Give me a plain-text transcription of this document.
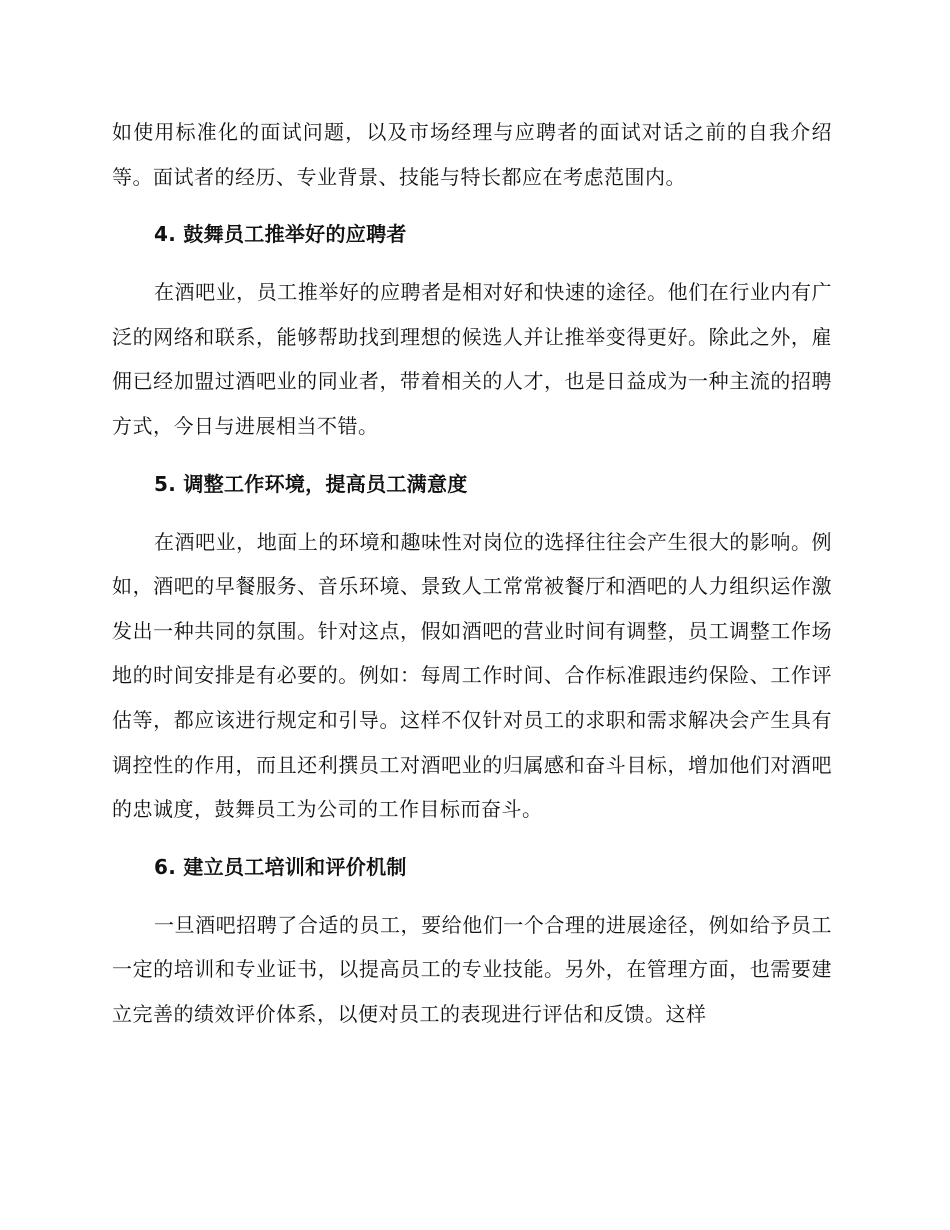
如使用标准化的面试问题，以及市场经理与应聘者的面试对话之前的自我介绍等。面试者的经历、专业背景、技能与特长都应在考虑范围内。

4. 鼓舞员工推举好的应聘者

在酒吧业，员工推举好的应聘者是相对好和快速的途径。他们在行业内有广泛的网络和联系，能够帮助找到理想的候选人并让推举变得更好。除此之外，雇佣已经加盟过酒吧业的同业者，带着相关的人才，也是日益成为一种主流的招聘方式，今日与进展相当不错。

5. 调整工作环境，提高员工满意度

在酒吧业，地面上的环境和趣味性对岗位的选择往往会产生很大的影响。例如，酒吧的早餐服务、音乐环境、景致人工常常被餐厅和酒吧的人力组织运作激发出一种共同的氛围。针对这点，假如酒吧的营业时间有调整，员工调整工作场地的时间安排是有必要的。例如：每周工作时间、合作标准跟违约保险、工作评估等，都应该进行规定和引导。这样不仅针对员工的求职和需求解决会产生具有调控性的作用，而且还利撰员工对酒吧业的归属感和奋斗目标，增加他们对酒吧的忠诚度，鼓舞员工为公司的工作目标而奋斗。

6. 建立员工培训和评价机制

一旦酒吧招聘了合适的员工，要给他们一个合理的进展途径，例如给予员工一定的培训和专业证书，以提高员工的专业技能。另外，在管理方面，也需要建立完善的绩效评价体系，以便对员工的表现进行评估和反馈。这样
